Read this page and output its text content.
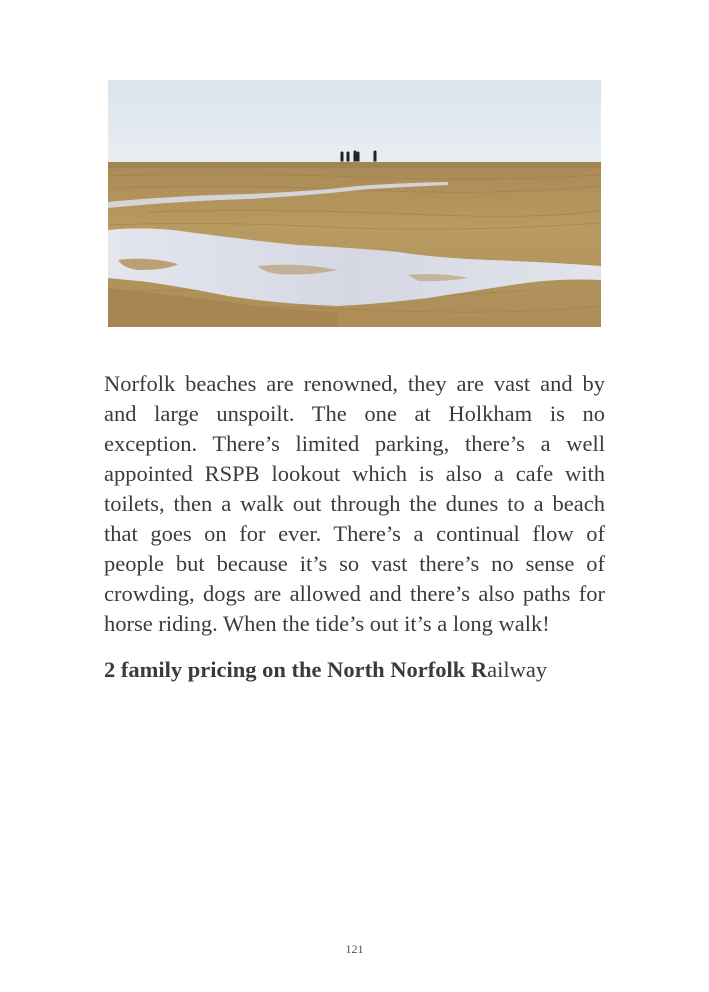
Norfolk beaches are renowned, they are vast and by and large unspoilt. The one at Holkham is no exception. There’s limited parking, there’s a well appointed RSPB lookout which is also a cafe with toilets, then a walk out through the dunes to a beach that goes on for ever. There’s a continual flow of people but because it’s so vast there’s no sense of crowding, dogs are allowed and there’s also paths for horse riding. When the tide’s out it’s a long walk!

2 family pricing on the North Norfolk Railway

121
